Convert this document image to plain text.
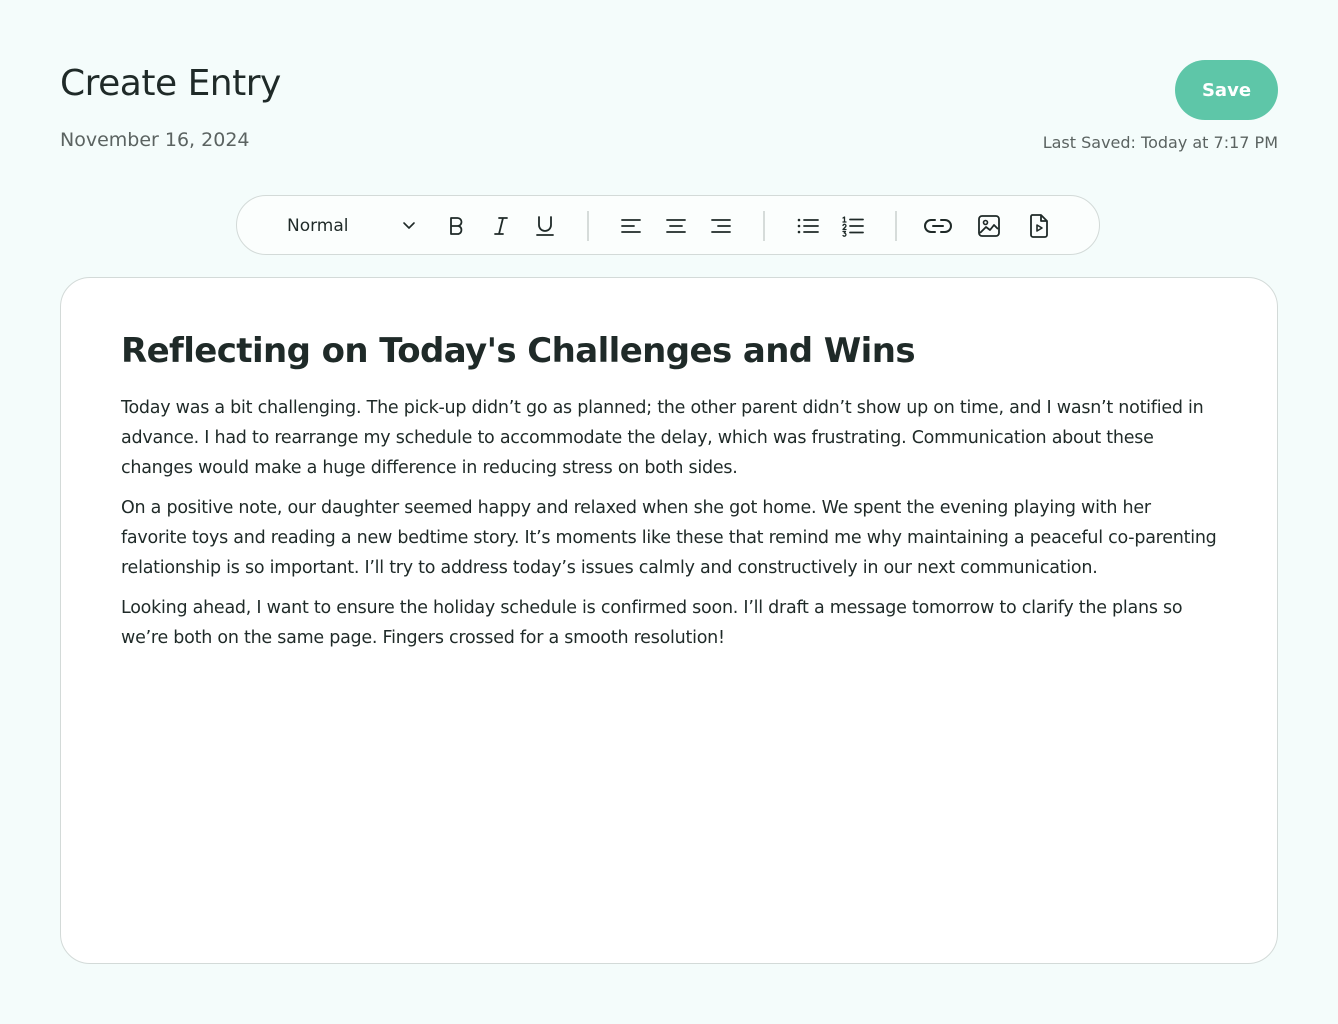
Create Entry
November 16, 2024
Save
Last Saved: Today at 7:17 PM
Normal
Reflecting on Today's Challenges and Wins

Today was a bit challenging. The pick-up didn’t go as planned; the other parent didn’t show up on time, and I wasn’t notified in advance. I had to rearrange my schedule to accommodate the delay, which was frustrating. Communication about these changes would make a huge difference in reducing stress on both sides.

On a positive note, our daughter seemed happy and relaxed when she got home. We spent the evening playing with her favorite toys and reading a new bedtime story. It’s moments like these that remind me why maintaining a peaceful co-parenting relationship is so important. I’ll try to address today’s issues calmly and constructively in our next communication.

Looking ahead, I want to ensure the holiday schedule is confirmed soon. I’ll draft a message tomorrow to clarify the plans so we’re both on the same page. Fingers crossed for a smooth resolution!
